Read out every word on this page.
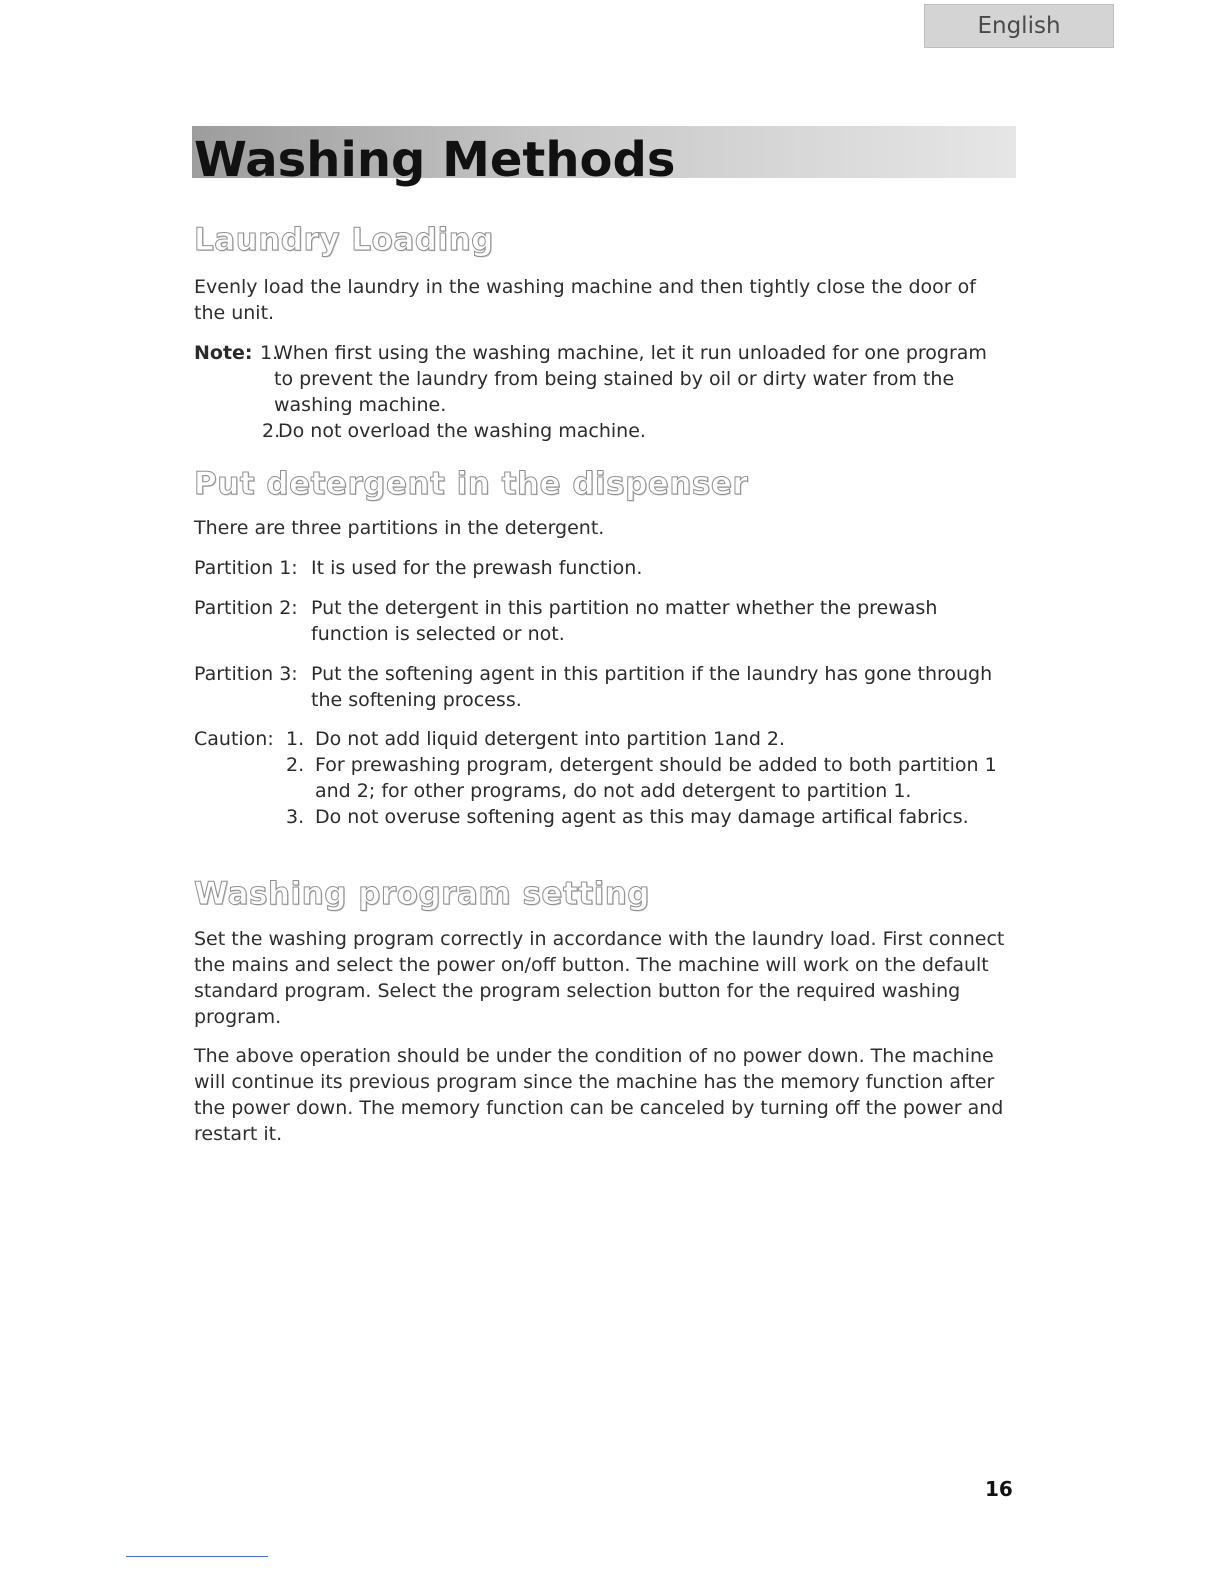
English
Washing Methods
Laundry Loading

Evenly load the laundry in the washing machine and then tightly close the door of the unit.

Note: 1.
When first using the washing machine, let it run unloaded for one program to prevent the laundry from being stained by oil or dirty water from the washing machine.
2.
Do not overload the washing machine.
Put detergent in the dispenser

There are three partitions in the detergent.

Partition 1: It is used for the prewash function.
Partition 2: Put the detergent in this partition no matter whether the prewash function is selected or not.
Partition 3: Put the softening agent in this partition if the laundry has gone through the softening process.
Caution: 1. Do not add liquid detergent into partition 1and 2.
2. For prewashing program, detergent should be added to both partition 1 and 2; for other programs, do not add detergent to partition 1.
3. Do not overuse softening agent as this may damage artifical fabrics.
Washing program setting

Set the washing program correctly in accordance with the laundry load. First connect the mains and select the power on/off button. The machine will work on the default standard program. Select the program selection button for the required washing program.

The above operation should be under the condition of no power down. The machine will continue its previous program since the machine has the memory function after the power down. The memory function can be canceled by turning off the power and restart it.

16
